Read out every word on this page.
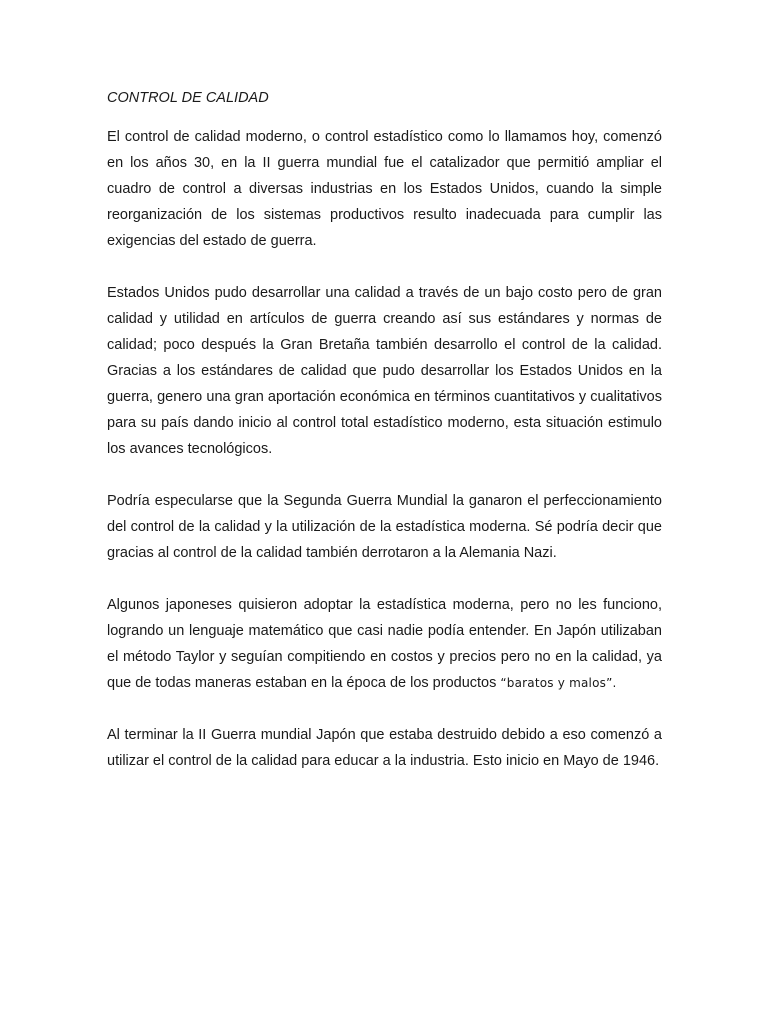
CONTROL DE CALIDAD

El control de calidad moderno, o control estadístico como lo llamamos hoy, comenzó en los años 30, en la II guerra mundial fue el catalizador que permitió ampliar el cuadro de control a diversas industrias en los Estados Unidos, cuando la simple reorganización de los sistemas productivos resulto inadecuada para cumplir las exigencias del estado de guerra.

Estados Unidos pudo desarrollar una calidad a través de un bajo costo pero de gran calidad y utilidad en artículos de guerra creando así sus estándares y normas de calidad; poco después la Gran Bretaña también desarrollo el control de la calidad. Gracias a los estándares de calidad que pudo desarrollar los Estados Unidos en la guerra, genero una gran aportación económica en términos cuantitativos y cualitativos para su país dando inicio al control total estadístico moderno, esta situación estimulo los avances tecnológicos.

Podría especularse que la Segunda Guerra Mundial la ganaron el perfeccionamiento del control de la calidad y la utilización de la estadística moderna. Sé podría decir que gracias al control de la calidad también derrotaron a la Alemania Nazi.

Algunos japoneses quisieron adoptar la estadística moderna, pero no les funciono, logrando un lenguaje matemático que casi nadie podía entender. En Japón utilizaban el método Taylor y seguían compitiendo en costos y precios pero no en la calidad, ya que de todas maneras estaban en la época de los productos “baratos y malos”.

Al terminar la II Guerra mundial Japón que estaba destruido debido a eso comenzó a utilizar el control de la calidad para educar a la industria. Esto inicio en Mayo de 1946.
